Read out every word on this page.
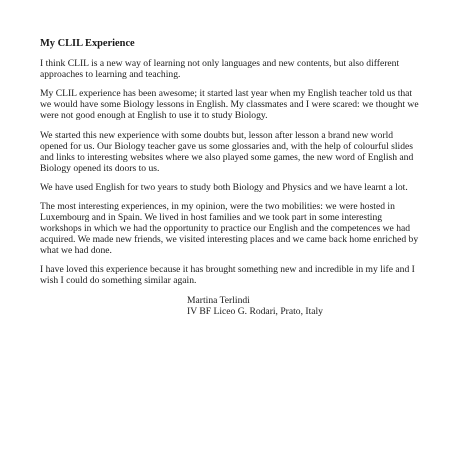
My CLIL Experience
I think CLIL is a new way of learning not only languages and new contents, but also different approaches to learning and teaching.
My CLIL experience has been awesome; it started last year when my English teacher told us that we would have some Biology lessons in English. My classmates and I were scared: we thought we were not good enough at English to use it to study Biology.
We started this new experience with some doubts but, lesson after lesson a brand new world opened for us. Our Biology teacher gave us some glossaries and, with the help of colourful slides and links to interesting websites where we also played some games, the new word of English and Biology opened its doors to us.
We have used English for two years to study both Biology and Physics and we have learnt a lot.
The most interesting experiences, in my opinion, were the two mobilities: we were hosted in Luxembourg and in Spain. We lived in host families and we took part in some interesting workshops in which we had the opportunity to practice our English and the competences we had acquired. We made new friends, we visited interesting places and we came back home enriched by what we had done.
I have loved this experience because it has brought something new and incredible in my life and I wish I could do something similar again.
Martina Terlindi
IV BF Liceo G. Rodari, Prato, Italy
